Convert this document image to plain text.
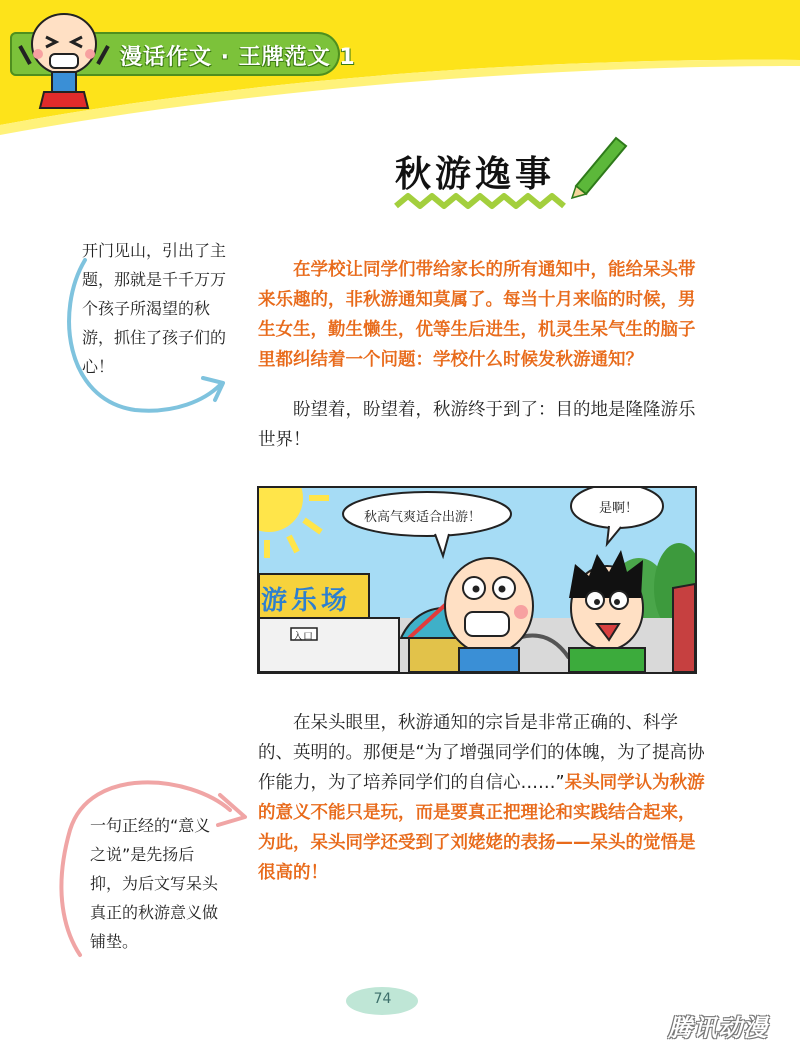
漫话作文 · 王牌范文 1
秋游逸事
开门见山，引出了主题，那就是千千万万个孩子所渴望的秋游，抓住了孩子们的心！
在学校让同学们带给家长的所有通知中，能给呆头带来乐趣的，非秋游通知莫属了。每当十月来临的时候，男生女生，勤生懒生，优等生后进生，机灵生呆气生的脑子里都纠结着一个问题：学校什么时候发秋游通知？
盼望着，盼望着，秋游终于到了：目的地是隆隆游乐世界！
秋高气爽适合出游！
是啊！
游乐场
入口
在呆头眼里，秋游通知的宗旨是非常正确的、科学的、英明的。那便是“为了增强同学们的体魄，为了提高协作能力，为了培养同学们的自信心……”呆头同学认为秋游的意义不能只是玩，而是要真正把理论和实践结合起来，为此，呆头同学还受到了刘姥姥的表扬——呆头的觉悟是很高的！
一句正经的“意义之说”是先扬后抑，为后文写呆头真正的秋游意义做铺垫。
74
腾讯动漫
